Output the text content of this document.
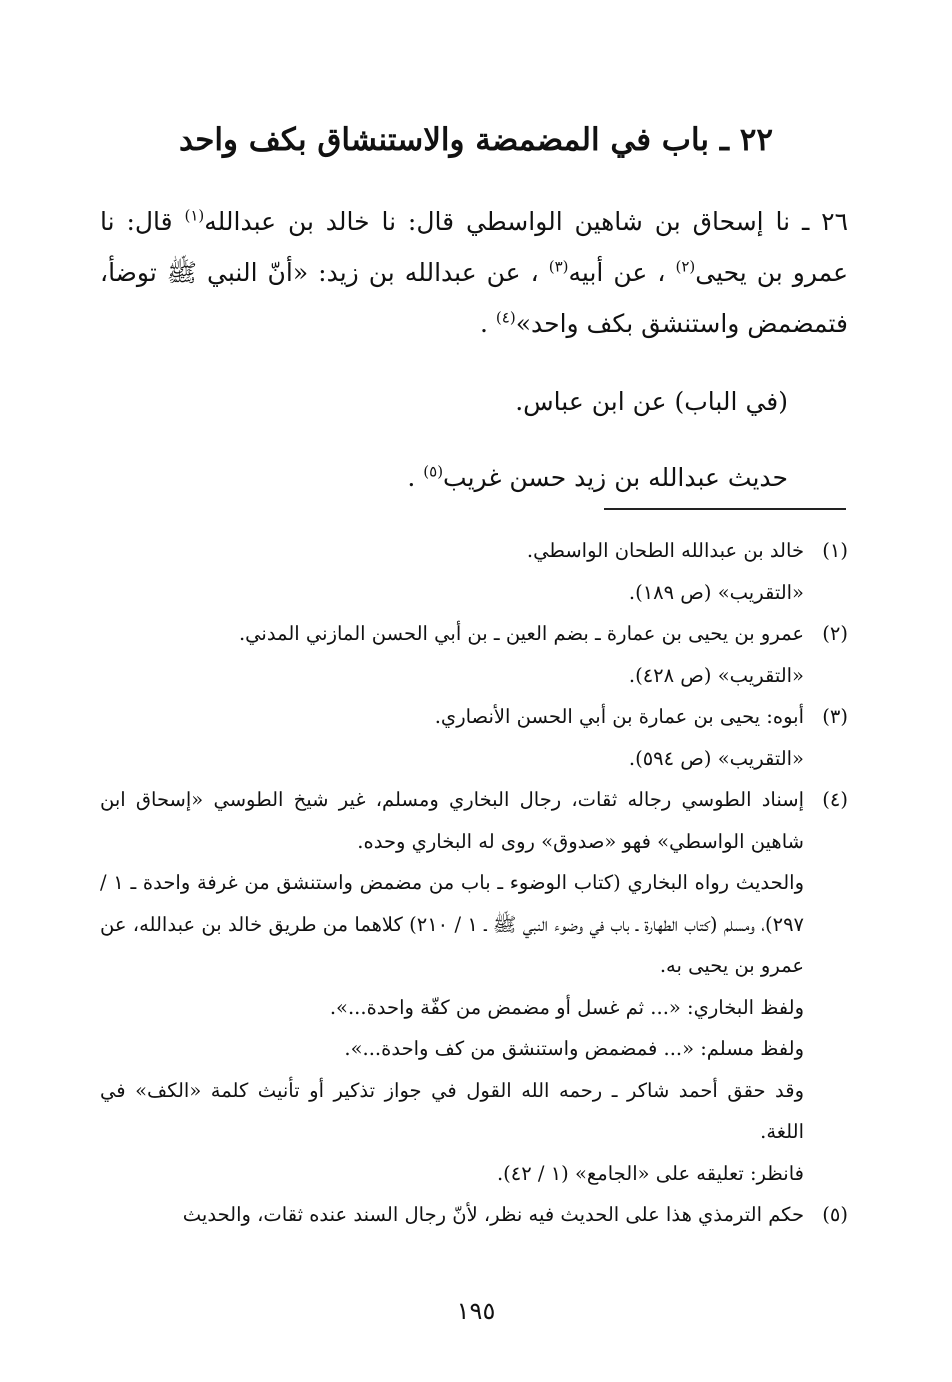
٢٢ ـ باب في المضمضة والاستنشاق بكف واحد

٢٦ ـ نا إسحاق بن شاهين الواسطي قال: نا خالد بن عبدالله$^{(١)}$ قال: نا عمرو بن يحيى$^{(٢)}$ ، عن أبيه$^{(٣)}$ ، عن عبدالله بن زيد: «أنّ النبي ﷺ توضأ، فتمضمض واستنشق بكف واحد»$^{(٤)}$ .

(في الباب) عن ابن عباس.

حديث عبدالله بن زيد حسن غريب$^{(٥)}$ .

(١)

خالد بن عبدالله الطحان الواسطي.

«التقريب» (ص ١٨٩).

(٢)

عمرو بن يحيى بن عمارة ـ بضم العين ـ بن أبي الحسن المازني المدني.

«التقريب» (ص ٤٢٨).

(٣)

أبوه: يحيى بن عمارة بن أبي الحسن الأنصاري.

«التقريب» (ص ٥٩٤).

(٤)

إسناد الطوسي رجاله ثقات، رجال البخاري ومسلم، غير شيخ الطوسي «إسحاق ابن شاهين الواسطي» فهو «صدوق» روى له البخاري وحده.

والحديث رواه البخاري (كتاب الوضوء ـ باب من مضمض واستنشق من غرفة واحدة ـ ١ / ٢٩٧)، ومسلم (كتاب الطهارة ـ باب في وضوء النبي ﷺ ـ ١ / ٢١٠) كلاهما من طريق خالد بن عبدالله، عن عمرو بن يحيى به.

ولفظ البخاري: «... ثم غسل أو مضمض من كفّة واحدة...».

ولفظ مسلم: «... فمضمض واستنشق من كف واحدة...».

وقد حقق أحمد شاكر ـ رحمه الله القول في جواز تذكير أو تأنيث كلمة «الكف» في اللغة.

فانظر: تعليقه على «الجامع» (١ / ٤٢).

(٥)

حكم الترمذي هذا على الحديث فيه نظر، لأنّ رجال السند عنده ثقات، والحديث

١٩٥
